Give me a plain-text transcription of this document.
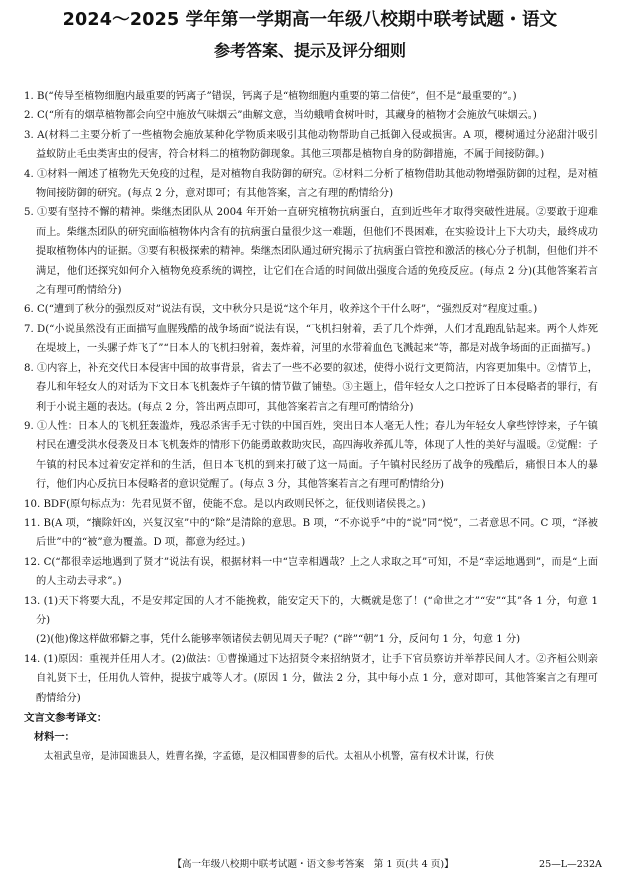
2024～2025 学年第一学期高一年级八校期中联考试题・语文
参考答案、提示及评分细则

1. B(“传导至植物细胞内最重要的钙离子”错误，钙离子是“植物细胞内重要的第二信使”，但不是“最重要的”。)

2. C(“所有的烟草植物都会向空中施放气味烟云”曲解文意，当幼蛾啃食树叶时，其藏身的植物才会施放气味烟云。)

3. A(材料二主要分析了一些植物会施放某种化学物质来吸引其他动物帮助自己抵御入侵或损害。A 项，樱树通过分泌甜汁吸引益蚁防止毛虫类害虫的侵害，符合材料二的植物防御现象。其他三项都是植物自身的防御措施，不属于间接防御。)

4. ①材料一阐述了植物先天免疫的过程，是对植物自我防御的研究。②材料二分析了植物借助其他动物增强防御的过程，是对植物间接防御的研究。(每点 2 分，意对即可；有其他答案，言之有理的酌情给分)

5. ①要有坚持不懈的精神。柴继杰团队从 2004 年开始一直研究植物抗病蛋白，直到近些年才取得突破性进展。②要敢于迎难而上。柴继杰团队的研究面临植物体内含有的抗病蛋白量很少这一难题，但他们不畏困难，在实验设计上下大功夫，最终成功提取植物体内的证据。③要有积极探索的精神。柴继杰团队通过研究揭示了抗病蛋白管控和激活的核心分子机制，但他们并不满足，他们还探究如何介入植物免疫系统的调控，让它们在合适的时间做出强度合适的免疫反应。(每点 2 分)(其他答案若言之有理可酌情给分)

6. C(“遭到了秋分的强烈反对”说法有误，文中秋分只是说“这个年月，收养这个干什么呀”，“强烈反对”程度过重。)

7. D(“小说虽然没有正面描写血腥残酷的战争场面”说法有误，“飞机扫射着，丢了几个炸弹，人们才乱跑乱钻起来。两个人炸死在堤坡上，一头骡子炸飞了”“日本人的飞机扫射着，轰炸着，河里的水带着血色飞溅起来”等，都是对战争场面的正面描写。)

8. ①内容上，补充交代日本侵害中国的故事背景，省去了一些不必要的叙述，使得小说行文更简洁，内容更加集中。②情节上，春儿和年轻女人的对话为下文日本飞机轰炸子午镇的情节做了铺垫。③主题上，借年轻女人之口控诉了日本侵略者的罪行，有利于小说主题的表达。(每点 2 分，答出两点即可，其他答案若言之有理可酌情给分)

9. ①人性：日本人的飞机狂轰滥炸，残忍杀害手无寸铁的中国百姓，突出日本人毫无人性；春儿为年轻女人拿些饽饽来，子午镇村民在遭受洪水侵袭及日本飞机轰炸的情形下仍能勇敢救助灾民，高四海收养孤儿等，体现了人性的美好与温暖。②觉醒：子午镇的村民本过着安定祥和的生活，但日本飞机的到来打破了这一局面。子午镇村民经历了战争的残酷后，痛恨日本人的暴行，他们内心反抗日本侵略者的意识觉醒了。(每点 3 分，其他答案若言之有理可酌情给分)

10. BDF(原句标点为：先君见贤不留，使能不怠。是以内政则民怀之，征伐则诸侯畏之。)

11. B(A 项，“攘除奸凶，兴复汉室”中的“除”是清除的意思。B 项，“不亦说乎”中的“说”同“悦”，二者意思不同。C 项，“泽被后世”中的“被”意为覆盖。D 项，都意为经过。)

12. C(“都很幸运地遇到了贤才”说法有误，根据材料一中“岂幸相遇哉？上之人求取之耳”可知，不是“幸运地遇到”，而是“上面的人主动去寻求”。)

13. (1)天下将要大乱，不是安邦定国的人才不能挽救，能安定天下的，大概就是您了！(“命世之才”“安”“其”各 1 分，句意 1 分)

(2)(他)像这样做邪僻之事，凭什么能够率领诸侯去朝见周天子呢？(“辟”“朝”1 分，反问句 1 分，句意 1 分)

14. (1)原因：重视并任用人才。(2)做法：①曹操通过下达招贤令来招纳贤才，让手下官员察访并举荐民间人才。②齐桓公则亲自礼贤下士，任用仇人管仲，提拔宁戚等人才。(原因 1 分，做法 2 分，其中每小点 1 分，意对即可，其他答案言之有理可酌情给分)

文言文参考译文：

材料一：

太祖武皇帝，是沛国谯县人，姓曹名操，字孟德，是汉相国曹参的后代。太祖从小机警，富有权术计谋，行侠

【高一年级八校期中联考试题・语文参考答案　第 1 页(共 4 页)】	25—L—232A
